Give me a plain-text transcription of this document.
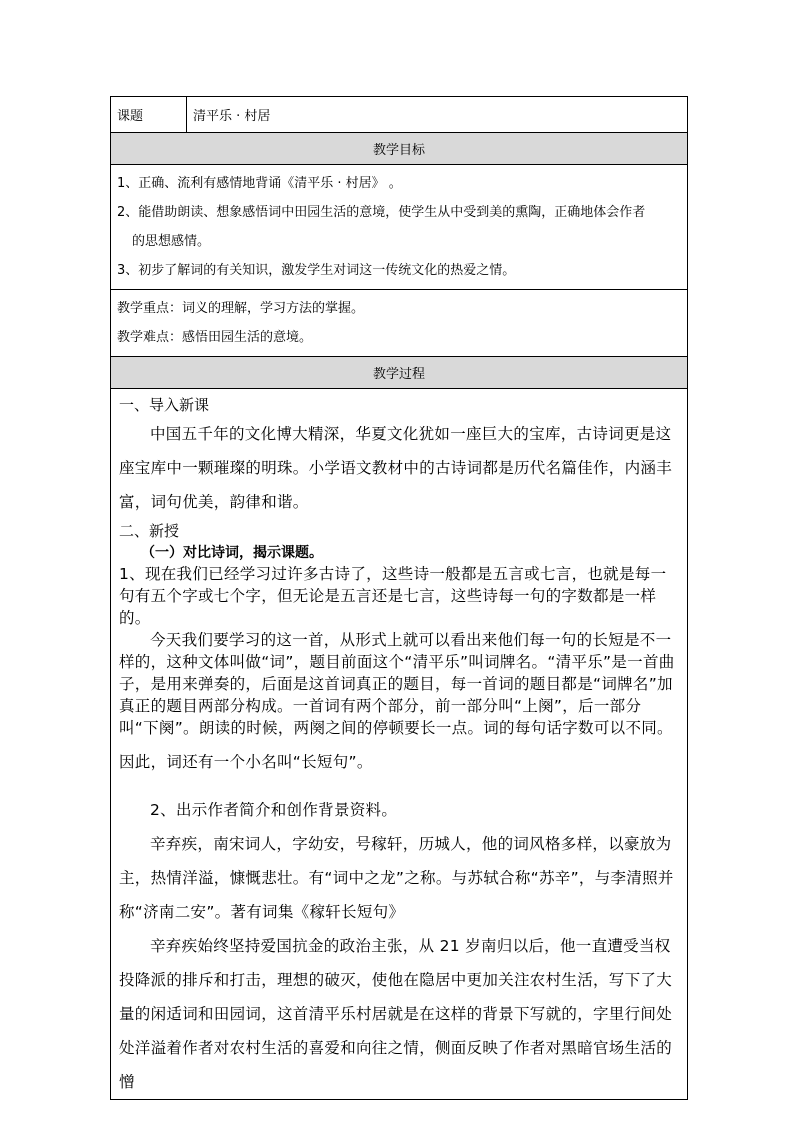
课题	清平乐 · 村居
教学目标

1、正确、流利有感情地背诵《清平乐 · 村居》 。
2、能借助朗读、想象感悟词中田园生活的意境，使学生从中受到美的熏陶，正确地体会作者
的思想感情。
3、初步了解词的有关知识，激发学生对词这一传统文化的热爱之情。

教学重点：词义的理解，学习方法的掌握。
教学难点：感悟田园生活的意境。

教学过程

一、导入新课
中国五千年的文化博大精深，华夏文化犹如一座巨大的宝库，古诗词更是这座宝库中一颗璀璨的明珠。小学语文教材中的古诗词都是历代名篇佳作，内涵丰富，词句优美，韵律和谐。
二、新授
（一）对比诗词，揭示课题。
1、现在我们已经学习过许多古诗了，这些诗一般都是五言或七言，也就是每一句有五个字或七个字，但无论是五言还是七言，这些诗每一句的字数都是一样的。
今天我们要学习的这一首，从形式上就可以看出来他们每一句的长短是不一样的，这种文体叫做“词”，题目前面这个“清平乐”叫词牌名。“清平乐”是一首曲子，是用来弹奏的，后面是这首词真正的题目，每一首词的题目都是“词牌名”加真正的题目两部分构成。一首词有两个部分，前一部分叫“上阕”，后一部分叫“下阕”。朗读的时候，两阕之间的停顿要长一点。词的每句话字数可以不同。
因此，词还有一个小名叫“长短句”。
2、出示作者简介和创作背景资料。
辛弃疾，南宋词人，字幼安，号稼轩，历城人，他的词风格多样，以豪放为主，热情洋溢，慷慨悲壮。有“词中之龙”之称。与苏轼合称“苏辛”，与李清照并称“济南二安”。著有词集《稼轩长短句》
辛弃疾始终坚持爱国抗金的政治主张，从 21 岁南归以后，他一直遭受当权投降派的排斥和打击，理想的破灭，使他在隐居中更加关注农村生活，写下了大量的闲适词和田园词，这首清平乐村居就是在这样的背景下写就的，字里行间处处洋溢着作者对农村生活的喜爱和向往之情，侧面反映了作者对黑暗官场生活的憎
